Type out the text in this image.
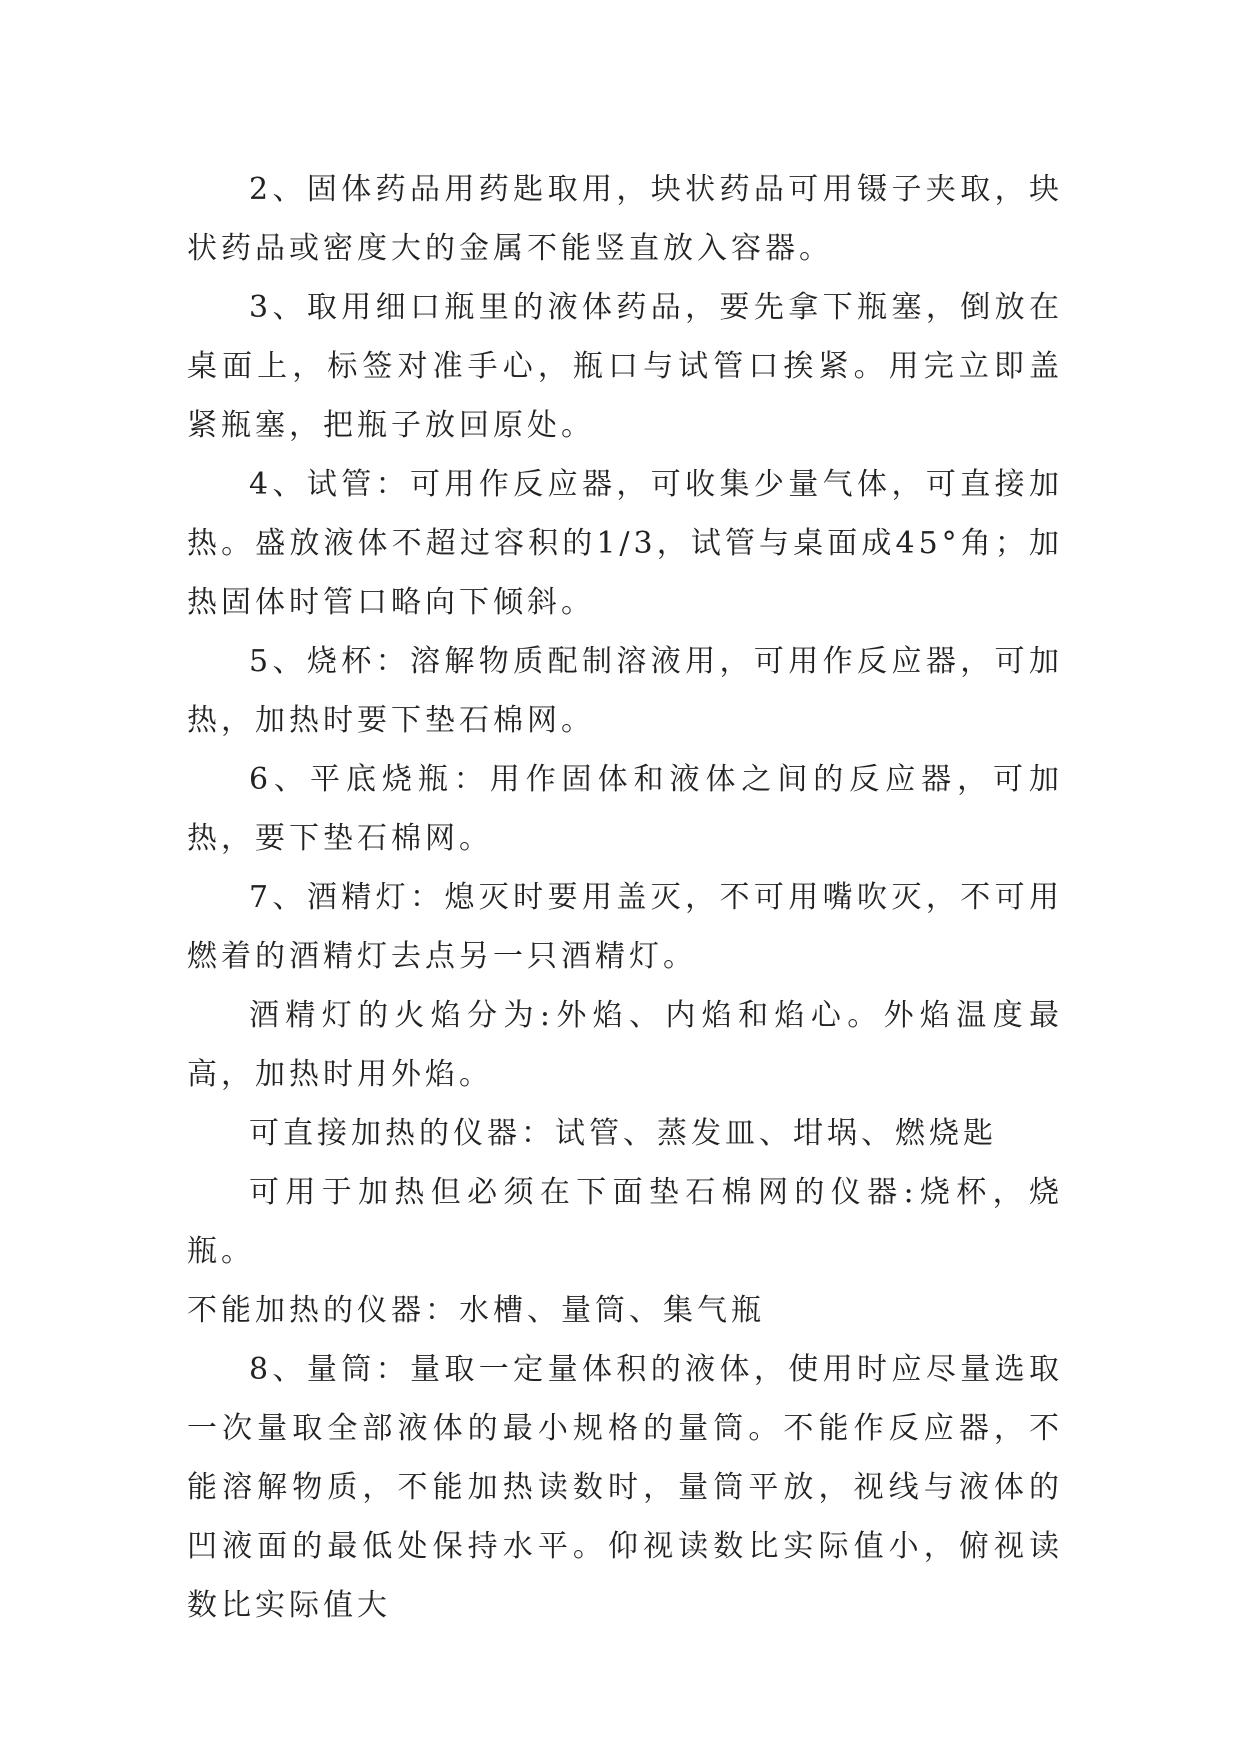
2、固体药品用药匙取用，块状药品可用镊子夹取，块状药品或密度大的金属不能竖直放入容器。

3、取用细口瓶里的液体药品，要先拿下瓶塞，倒放在桌面上，标签对准手心，瓶口与试管口挨紧。用完立即盖紧瓶塞，把瓶子放回原处。

4、试管：可用作反应器，可收集少量气体，可直接加热。盛放液体不超过容积的1/3，试管与桌面成45°角；加热固体时管口略向下倾斜。

5、烧杯：溶解物质配制溶液用，可用作反应器，可加热，加热时要下垫石棉网。

6、平底烧瓶：用作固体和液体之间的反应器，可加热，要下垫石棉网。

7、酒精灯：熄灭时要用盖灭，不可用嘴吹灭，不可用燃着的酒精灯去点另一只酒精灯。

酒精灯的火焰分为:外焰、内焰和焰心。外焰温度最高，加热时用外焰。

可直接加热的仪器：试管、蒸发皿、坩埚、燃烧匙

可用于加热但必须在下面垫石棉网的仪器:烧杯，烧瓶。

不能加热的仪器：水槽、量筒、集气瓶

8、量筒：量取一定量体积的液体，使用时应尽量选取一次量取全部液体的最小规格的量筒。不能作反应器，不能溶解物质，不能加热读数时，量筒平放，视线与液体的凹液面的最低处保持水平。仰视读数比实际值小，俯视读数比实际值大
